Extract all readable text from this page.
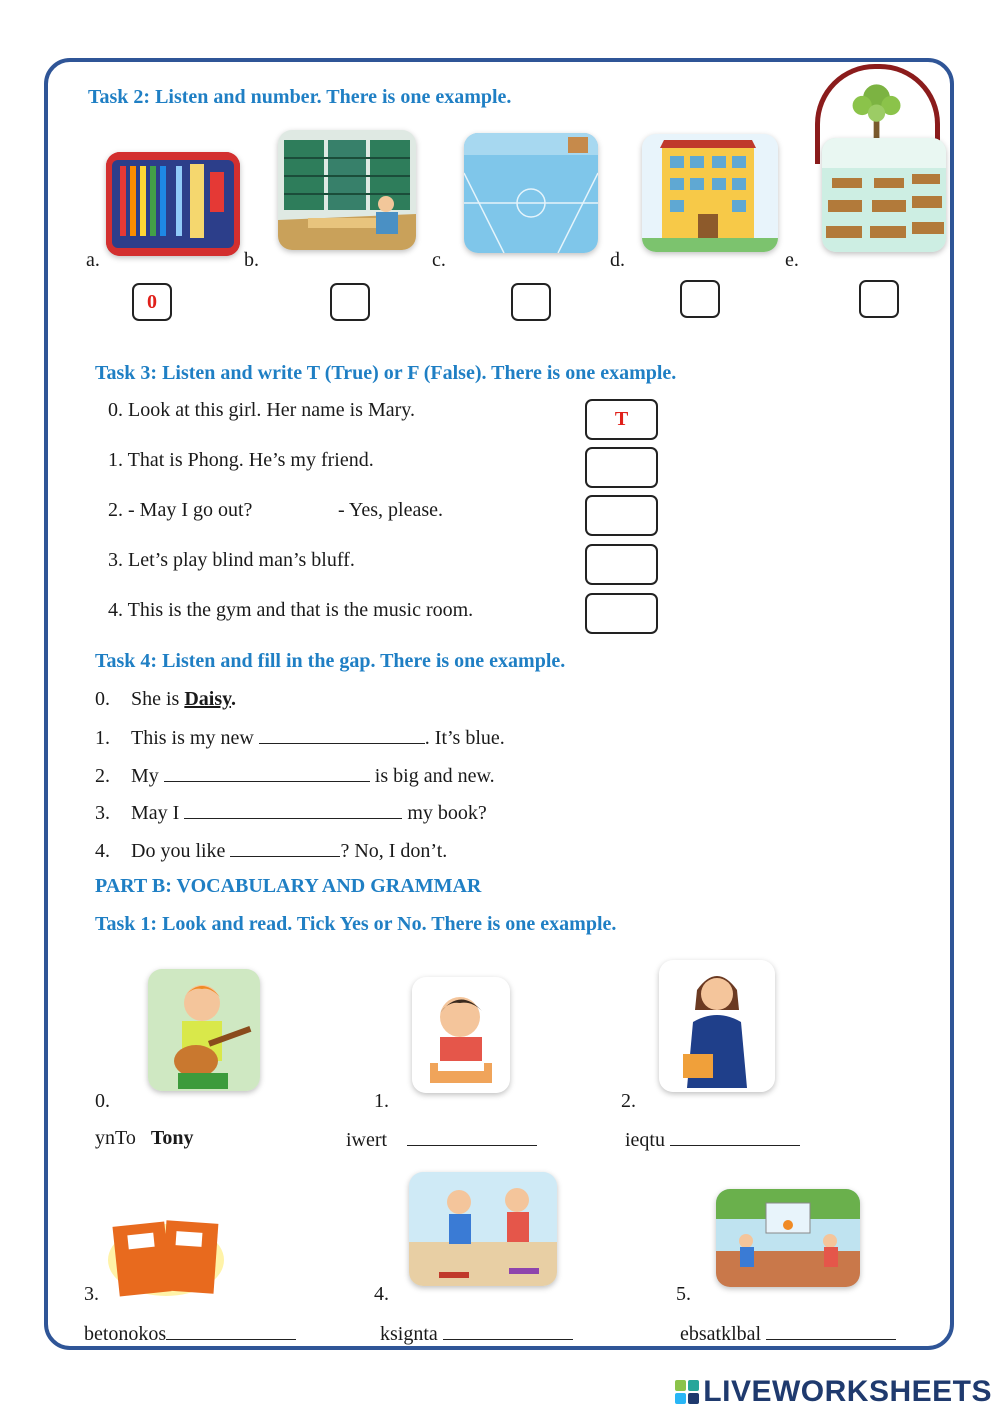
Task 2: Listen and number. There is one example.
a.	b.	c.	d.	e.
0
Task 3: Listen and write T (True) or F (False). There is one example.
0. Look at this girl. Her name is Mary.
1. That is Phong. He’s my friend.
2. - May I go out?	- Yes, please.
3. Let’s play blind man’s bluff.
4. This is the gym and that is the music room.
T
Task 4: Listen and fill in the gap. There is one example.
0. She is Daisy.
1. This is my new	. It’s blue.
2. My	is big and new.
3. May I	my book?
4. Do you like	? No, I don’t.
PART B: VOCABULARY AND GRAMMAR
Task 1: Look and read. Tick Yes or No. There is one example.
0.	1.	2.
ynTo Tony	iwert	ieqtu
3.	4.	5.
betonokos	ksignta	ebsatklbal
LIVEWORKSHEETS
